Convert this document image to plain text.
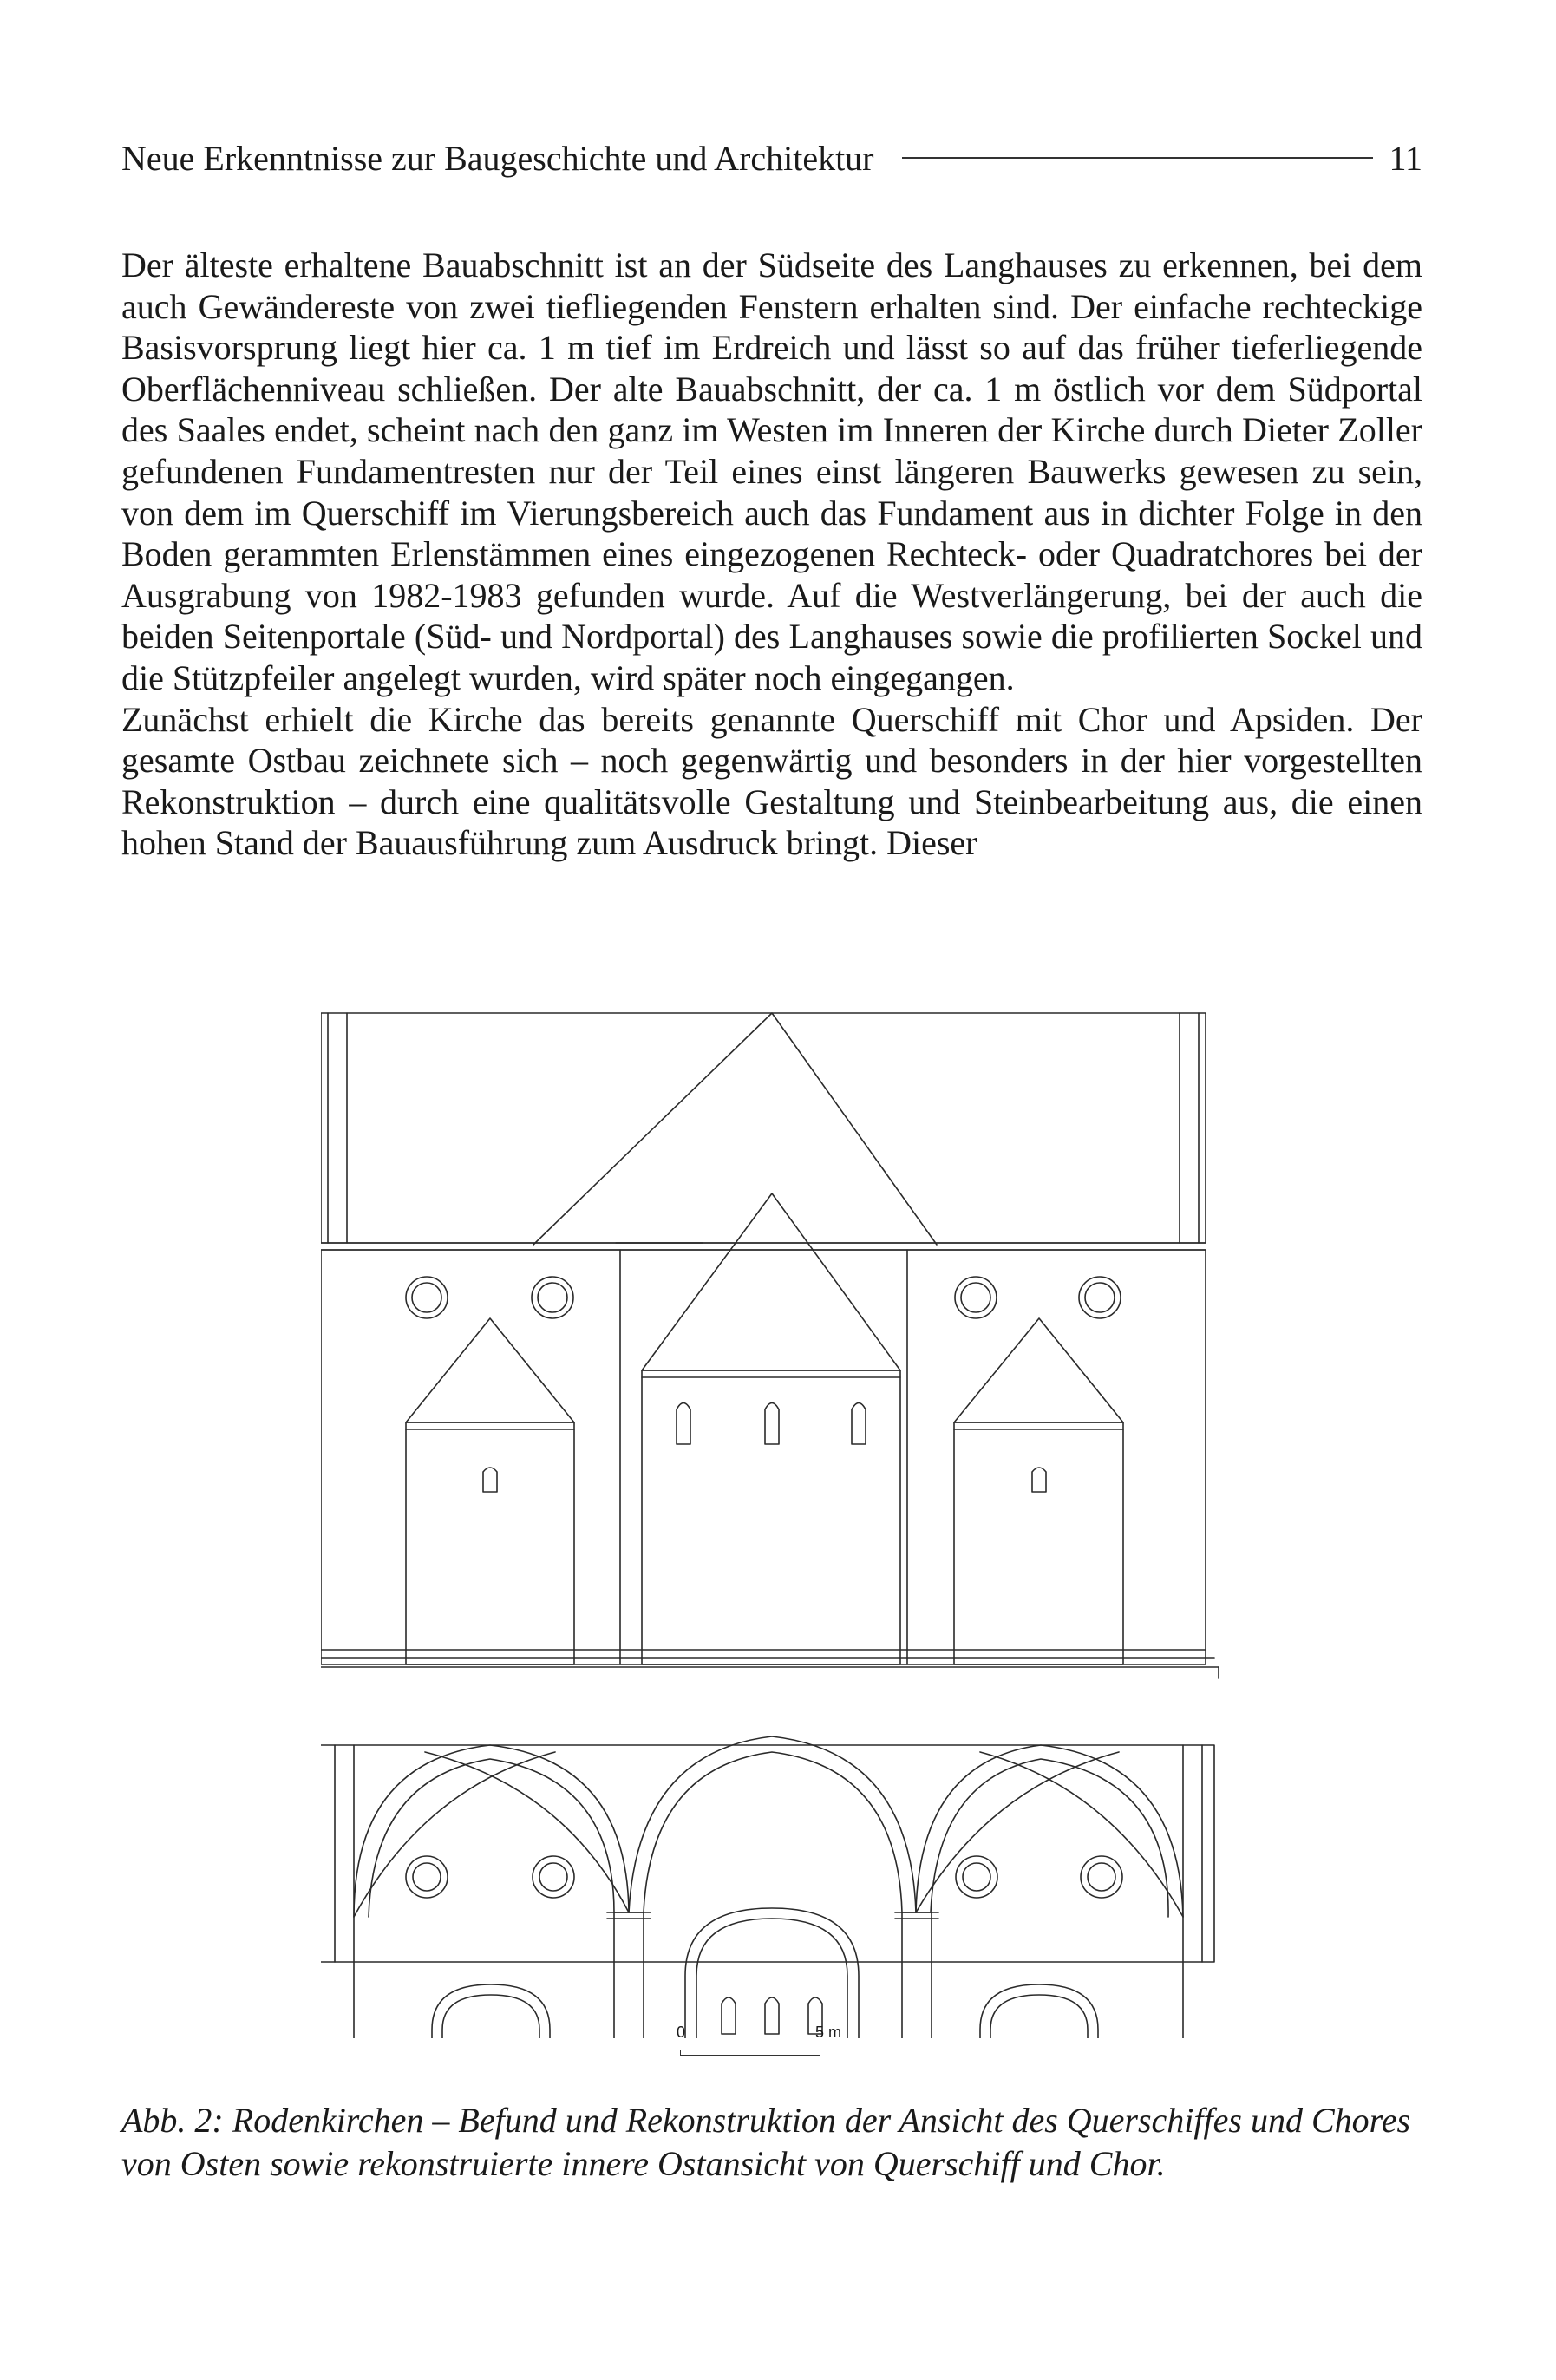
Neue Erkenntnisse zur Baugeschichte und Architektur	11

Der älteste erhaltene Bauabschnitt ist an der Südseite des Langhauses zu erkennen, bei dem auch Gewändereste von zwei tiefliegenden Fenstern erhalten sind. Der einfache rechteckige Basisvorsprung liegt hier ca. 1 m tief im Erdreich und lässt so auf das früher tieferliegende Oberflächenniveau schließen. Der alte Bauabschnitt, der ca. 1 m östlich vor dem Südportal des Saales endet, scheint nach den ganz im Westen im Inneren der Kirche durch Dieter Zoller gefundenen Fundamentresten nur der Teil eines einst längeren Bauwerks gewesen zu sein, von dem im Querschiff im Vierungsbereich auch das Fundament aus in dichter Folge in den Boden gerammten Erlenstämmen eines eingezogenen Rechteck- oder Quadratchores bei der Ausgrabung von 1982-1983 gefunden wurde. Auf die Westverlängerung, bei der auch die beiden Seitenportale (Süd- und Nordportal) des Langhauses sowie die profilierten Sockel und die Stützpfeiler angelegt wurden, wird später noch eingegangen.

Zunächst erhielt die Kirche das bereits genannte Querschiff mit Chor und Apsiden. Der gesamte Ostbau zeichnete sich – noch gegenwärtig und besonders in der hier vorgestellten Rekonstruktion – durch eine qualitätsvolle Gestaltung und Steinbearbeitung aus, die einen hohen Stand der Bauausführung zum Ausdruck bringt. Dieser

0	5 m

Abb. 2: Rodenkirchen – Befund und Rekonstruktion der Ansicht des Querschiffes und Chores von Osten sowie rekonstruierte innere Ostansicht von Querschiff und Chor.
